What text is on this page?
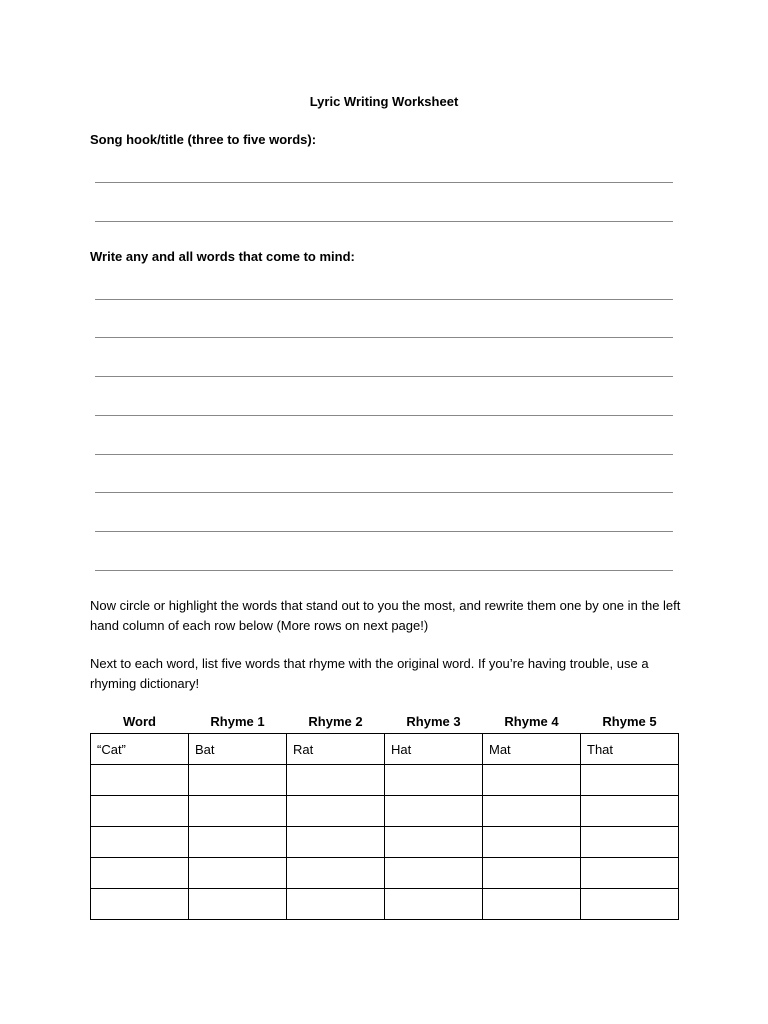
Lyric Writing Worksheet
Song hook/title (three to five words):
Write any and all words that come to mind:
Now circle or highlight the words that stand out to you the most, and rewrite them one by one in the left hand column of each row below (More rows on next page!)
Next to each word, list five words that rhyme with the original word. If you’re having trouble, use a rhyming dictionary!
Word	Rhyme 1	Rhyme 2	Rhyme 3	Rhyme 4	Rhyme 5
“Cat”	Bat	Rat	Hat	Mat	That
